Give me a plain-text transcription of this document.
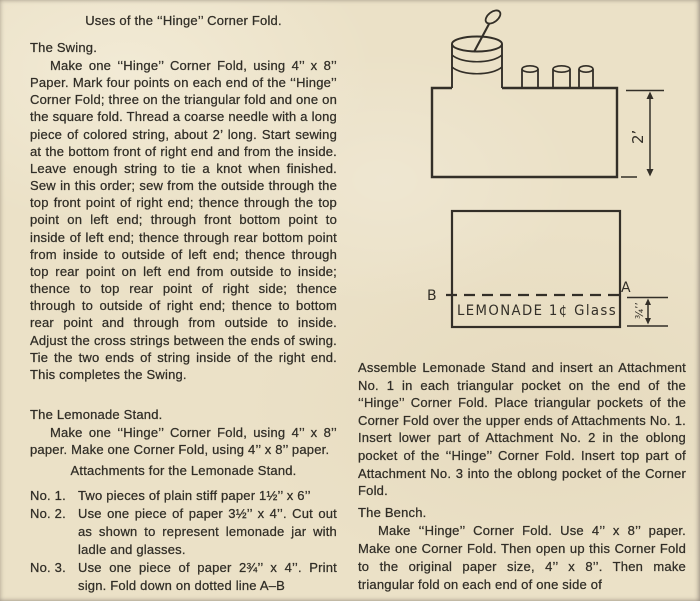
Uses of the ‘‘Hinge’’ Corner Fold.
The Swing.
Make one ‘‘Hinge’’ Corner Fold, using 4’’ x 8’’ Paper. Mark four points on each end of the ‘‘Hinge’’ Corner Fold; three on the triangular fold and one on the square fold. Thread a coarse needle with a long piece of colored string, about 2’ long. Start sewing at the bottom front of right end and from the inside. Leave enough string to tie a knot when finished. Sew in this order; sew from the outside through the top front point of right end; thence through the top point on left end; through front bottom point to inside of left end; thence through rear bottom point from inside to outside of left end; thence through top rear point on left end from outside to inside; thence to top rear point of right side; thence through to outside of right end; thence to bottom rear point and through from outside to inside. Adjust the cross strings between the ends of swing. Tie the two ends of string inside of the right end. This completes the Swing.
The Lemonade Stand.
Make one ‘‘Hinge’’ Corner Fold, using 4’’ x 8’’ paper. Make one Corner Fold, using 4’’ x 8’’ paper.
Attachments for the Lemonade Stand.
No. 1. Two pieces of plain stiff paper 1½’’ x 6’’
No. 2. Use one piece of paper 3½’’ x 4’’. Cut out as shown to represent lemonade jar with ladle and glasses.
No. 3. Use one piece of paper 2¾’’ x 4’’. Print sign. Fold down on dotted line A–B
Assemble Lemonade Stand and insert an Attachment No. 1 in each triangular pocket on the end of the ‘‘Hinge’’ Corner Fold. Place triangular pockets of the Corner Fold over the upper ends of Attachments No. 1. Insert lower part of Attachment No. 2 in the oblong pocket of the ‘‘Hinge’’ Corner Fold. Insert top part of Attachment No. 3 into the oblong pocket of the Corner Fold.
The Bench.
Make ‘‘Hinge’’ Corner Fold. Use 4’’ x 8’’ paper. Make one Corner Fold. Then open up this Corner Fold to the original paper size, 4’’ x 8’’. Then make triangular fold on each end of one side of
2’
B	A
LEMONADE 1¢ Glass ¾’’
